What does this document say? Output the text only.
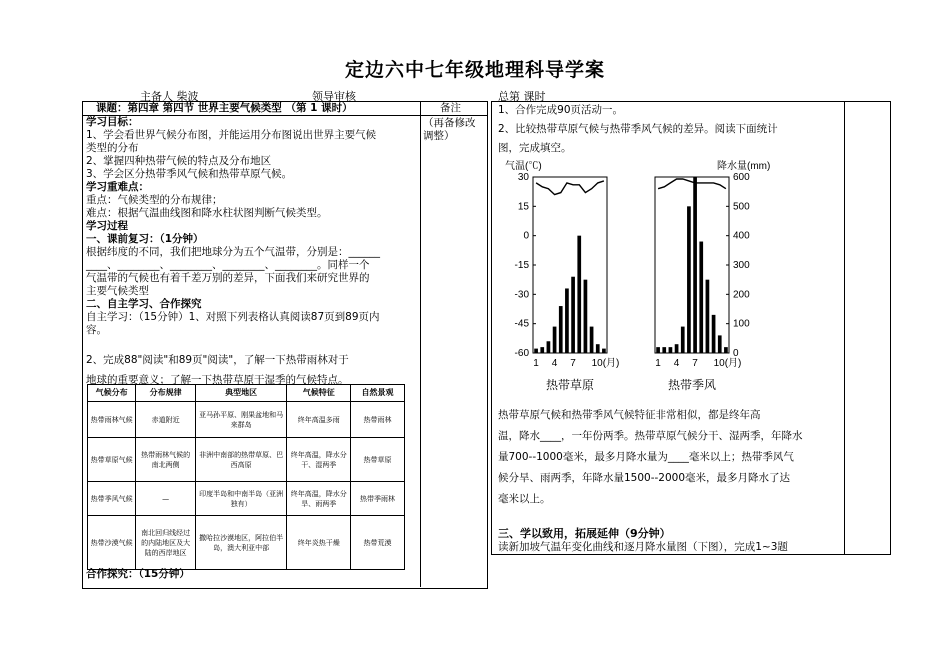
定边六中七年级地理科导学案
主备人 柴波	领导审核	总第 课时
课题：第四章 第四节 世界主要气候类型 （第 1 课时）	备注
（再备修改
调整）
学习目标：
1、学会看世界气候分布图，并能运用分布图说出世界主要气候
类型的分布
2、掌握四种热带气候的特点及分布地区
3、学会区分热带季风气候和热带草原气候。
学习重难点：
重点：气候类型的分布规律；
难点：根据气温曲线图和降水柱状图判断气候类型。
学习过程
一、课前复习：（1分钟）
根据纬度的不同，我们把地球分为五个气温带，分别是：______
____、________、________、________、________。同样一个
气温带的气候也有着千差万别的差异，下面我们来研究世界的
主要气候类型
二、自主学习、合作探究
自主学习：（15分钟）1、对照下列表格认真阅读87页到89页内
容。
2、完成88"阅读"和89页"阅读"，了解一下热带雨林对于
地球的重要意义；了解一下热带草原干湿季的气候特点。
气候分布	分布规律	典型地区	气候特征	自然景观
热带雨林气候	赤道附近	亚马孙平原、刚果盆地和马来群岛	终年高温多雨	热带雨林
热带草原气候	热带雨林气候的南北两侧	非洲中南部的热带草原、巴西高原	终年高温，降水分干、湿两季	热带草原
热带季风气候	—	印度半岛和中南半岛（亚洲独有）	终年高温，降水分旱、雨两季	热带季雨林
热带沙漠气候	南北回归线经过的内陆地区及大陆的西岸地区	撒哈拉沙漠地区，阿拉伯半岛，澳大利亚中部	终年炎热干燥	热带荒漠
合作探究：（15分钟）
1、合作完成90页活动一。
2、比较热带草原气候与热带季风气候的差异。阅读下面统计
图，完成填空。
气温(℃)
30
15
0
-15
-30
-45
-60
1 4 7 10(月)
热带草原
降水量(mm)
600
500
400
300
200
100
0
1 4 7 10(月)
热带季风
热带草原气候和热带季风气候特征非常相似，都是终年高
温，降水____，一年份两季。热带草原气候分干、湿两季，年降水
量700--1000毫米，最多月降水量为____毫米以上；热带季风气
候分旱、雨两季，年降水量1500--2000毫米，最多月降水了达
毫米以上。
三、学以致用，拓展延伸（9分钟）
读新加坡气温年变化曲线和逐月降水量图（下图），完成1~3题
